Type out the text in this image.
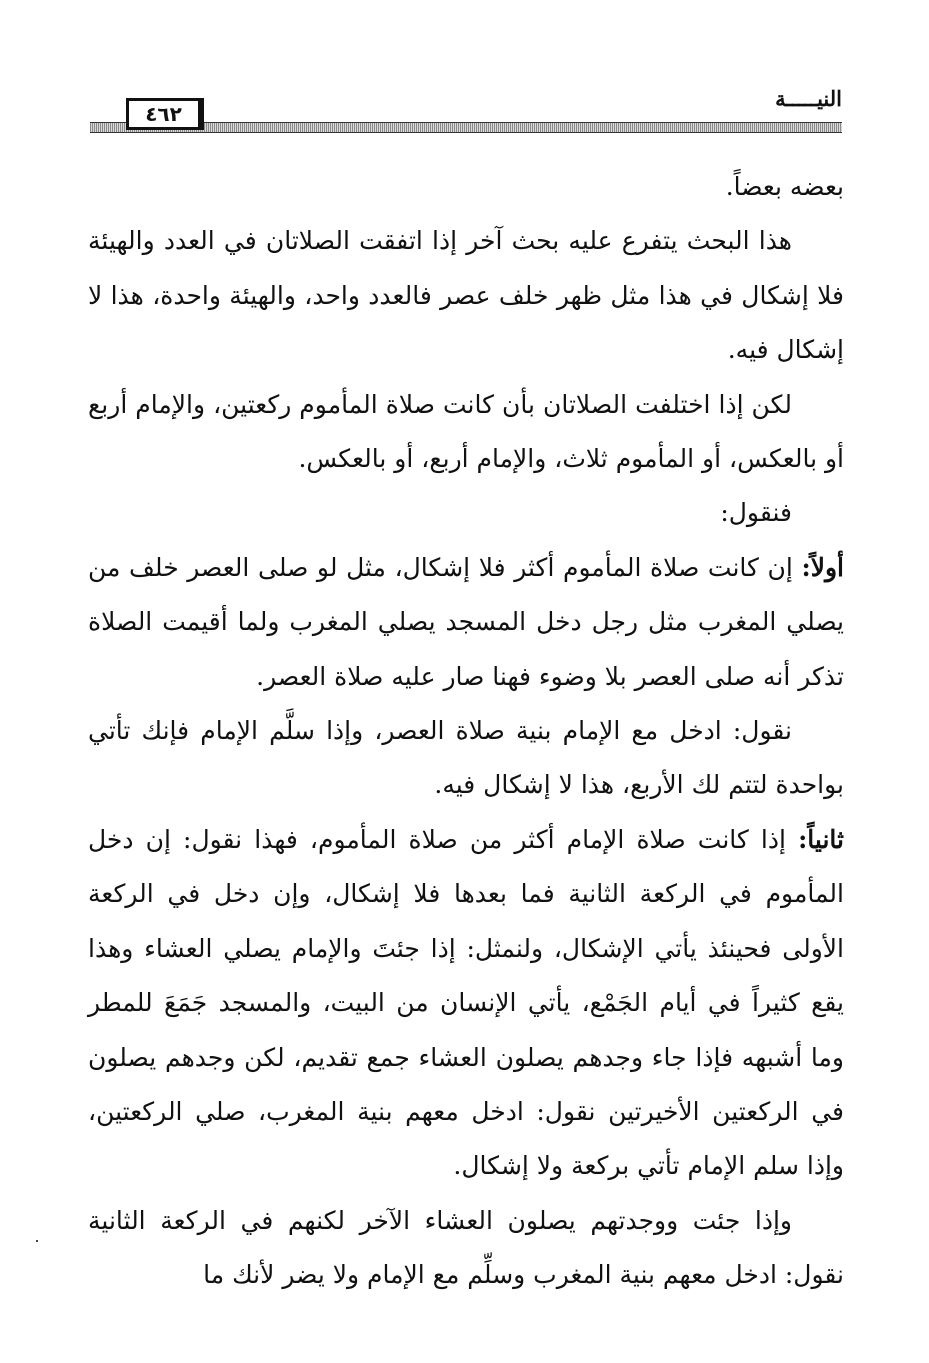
٤٦٢
النيـــــة

بعضه بعضاً.

هذا البحث يتفرع عليه بحث آخر إذا اتفقت الصلاتان في العدد والهيئة فلا إشكال في هذا مثل ظهر خلف عصر فالعدد واحد، والهيئة واحدة، هذا لا إشكال فيه.

لكن إذا اختلفت الصلاتان بأن كانت صلاة المأموم ركعتين، والإمام أربع أو بالعكس، أو المأموم ثلاث، والإمام أربع، أو بالعكس.

فنقول:

أولاً: إن كانت صلاة المأموم أكثر فلا إشكال، مثل لو صلى العصر خلف من يصلي المغرب مثل رجل دخل المسجد يصلي المغرب ولما أقيمت الصلاة تذكر أنه صلى العصر بلا وضوء فهنا صار عليه صلاة العصر.

نقول: ادخل مع الإمام بنية صلاة العصر، وإذا سلَّم الإمام فإنك تأتي بواحدة لتتم لك الأربع، هذا لا إشكال فيه.

ثانياً: إذا كانت صلاة الإمام أكثر من صلاة المأموم، فهذا نقول: إن دخل المأموم في الركعة الثانية فما بعدها فلا إشكال، وإن دخل في الركعة الأولى فحينئذ يأتي الإشكال، ولنمثل: إذا جئتَ والإمام يصلي العشاء وهذا يقع كثيراً في أيام الجَمْع، يأتي الإنسان من البيت، والمسجد جَمَعَ للمطر وما أشبهه فإذا جاء وجدهم يصلون العشاء جمع تقديم، لكن وجدهم يصلون في الركعتين الأخيرتين نقول: ادخل معهم بنية المغرب، صلي الركعتين، وإذا سلم الإمام تأتي بركعة ولا إشكال.

وإذا جئت ووجدتهم يصلون العشاء الآخر لكنهم في الركعة الثانية نقول: ادخل معهم بنية المغرب وسلِّم مع الإمام ولا يضر لأنك ما
